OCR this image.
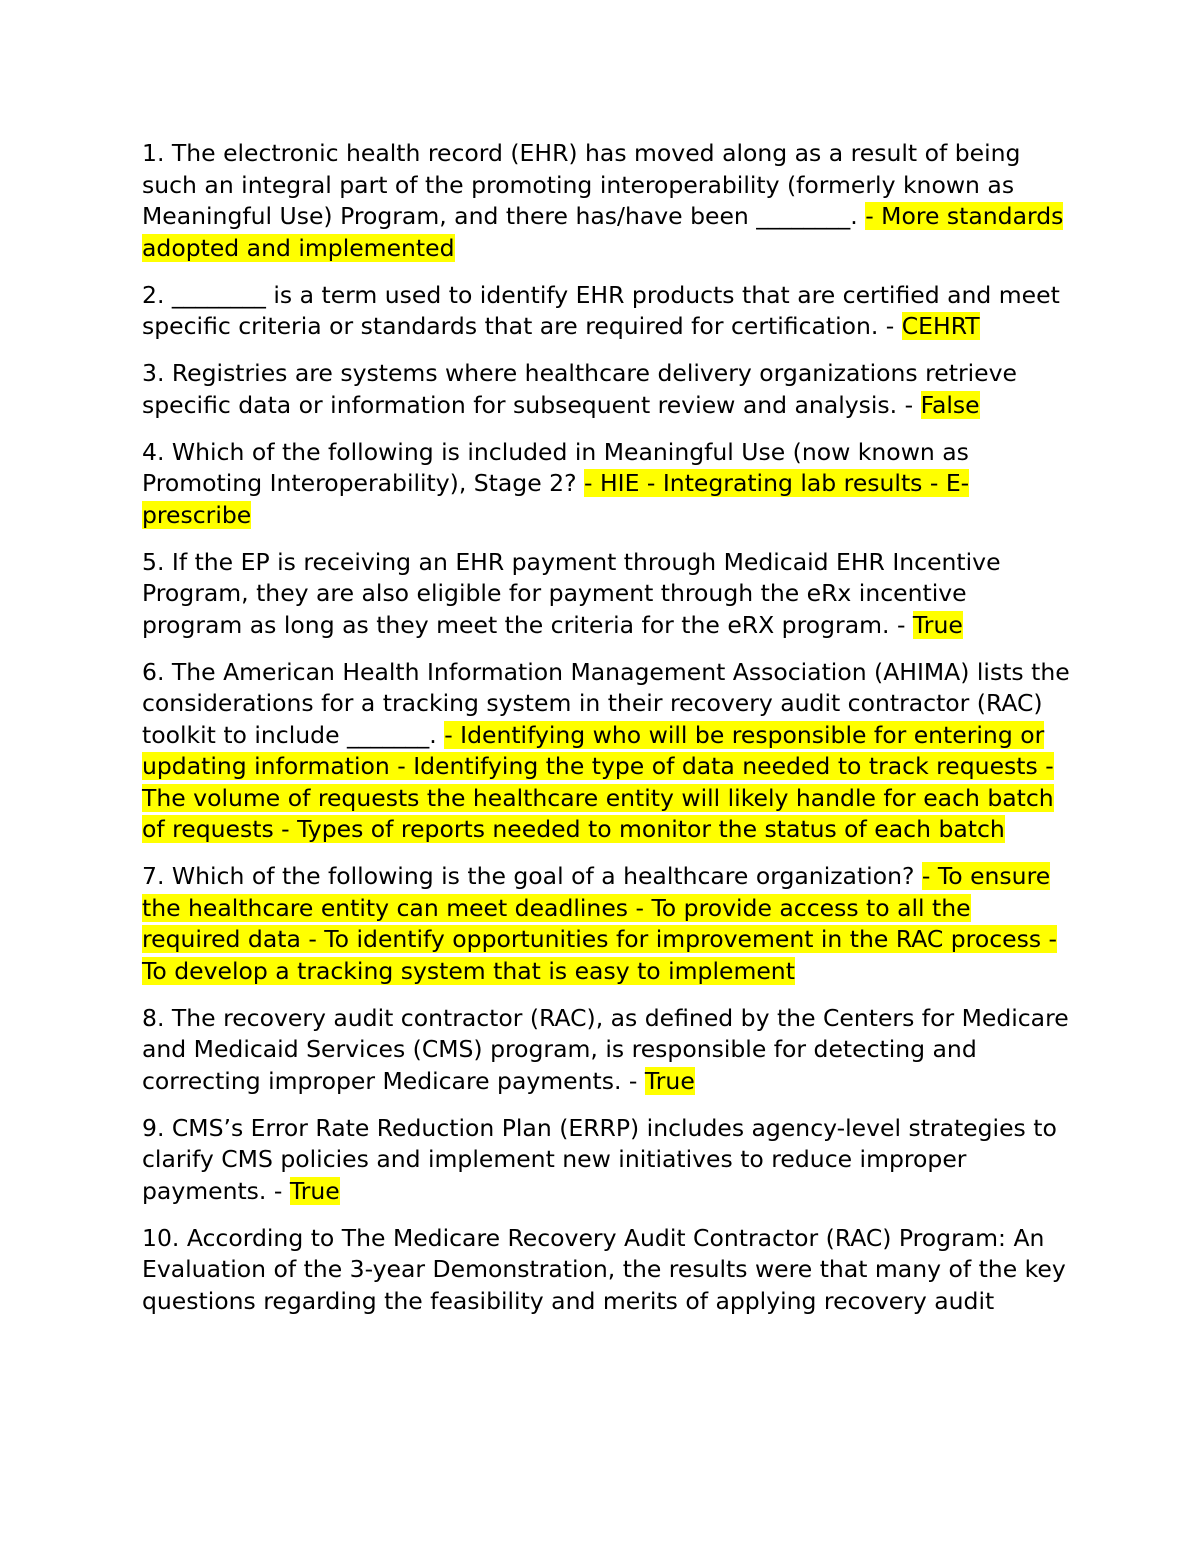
1. The electronic health record (EHR) has moved along as a result of being such an integral part of the promoting interoperability (formerly known as Meaningful Use) Program, and there has/have been ________. - More standards adopted and implemented

2. ________ is a term used to identify EHR products that are certified and meet specific criteria or standards that are required for certification. - CEHRT

3. Registries are systems where healthcare delivery organizations retrieve specific data or information for subsequent review and analysis. - False

4. Which of the following is included in Meaningful Use (now known as Promoting Interoperability), Stage 2? - HIE - Integrating lab results - E-prescribe

5. If the EP is receiving an EHR payment through Medicaid EHR Incentive Program, they are also eligible for payment through the eRx incentive program as long as they meet the criteria for the eRX program. - True

6. The American Health Information Management Association (AHIMA) lists the considerations for a tracking system in their recovery audit contractor (RAC) toolkit to include _______. - Identifying who will be responsible for entering or updating information - Identifying the type of data needed to track requests - The volume of requests the healthcare entity will likely handle for each batch of requests - Types of reports needed to monitor the status of each batch

7. Which of the following is the goal of a healthcare organization? - To ensure the healthcare entity can meet deadlines - To provide access to all the required data - To identify opportunities for improvement in the RAC process - To develop a tracking system that is easy to implement

8. The recovery audit contractor (RAC), as defined by the Centers for Medicare and Medicaid Services (CMS) program, is responsible for detecting and correcting improper Medicare payments. - True

9. CMS’s Error Rate Reduction Plan (ERRP) includes agency-level strategies to clarify CMS policies and implement new initiatives to reduce improper payments. - True

10. According to The Medicare Recovery Audit Contractor (RAC) Program: An Evaluation of the 3-year Demonstration, the results were that many of the key questions regarding the feasibility and merits of applying recovery audit
